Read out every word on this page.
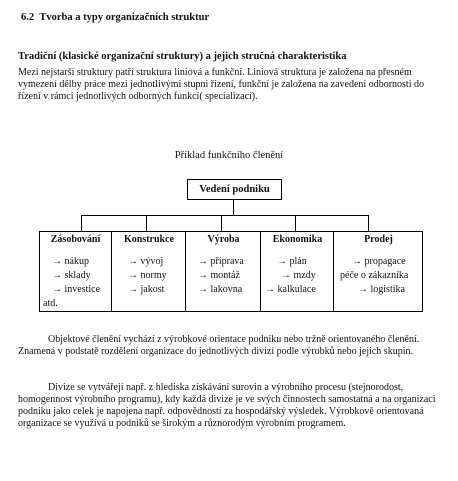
6.2 Tvorba a typy organizačních struktur
Tradiční (klasické organizační struktury) a jejich stručná charakteristika
Mezi nejstarší struktury patří struktura liniová a funkční. Liniová struktura je založena na přesném vymezení dělby práce mezi jednotlivými stupni řízení, funkční je založena na zavedení odbornosti do řízení v rámci jednotlivých odborných funkcí( specializací).
Příklad funkčního členění
Vedení podniku
Zásobování
→ nákup
→ sklady
→ investice
atd.
Konstrukce
→ vývoj
→ normy
→ jakost
Výroba
→ příprava
→ montáž
→ lakovna
Ekonomika
→ plán
→ mzdy
→ kalkulace
Prodej
→ propagace
péče o zákazníka
→ logistika
Objektové členění vychází z výrobkové orientace podniku nebo tržně orientovaného členění. Znamená v podstatě rozdělení organizace do jednotlivých divizí podle výrobků nebo jejich skupin.
Divize se vytvářejí např. z hlediska získávání surovin a výrobního procesu (stejnorodost, homogennost výrobního programu), kdy každá divize je ve svých činnostech samostatná a na organizaci podniku jako celek je napojena např. odpovědností za hospodářský výsledek. Výrobkově orientovaná organizace se využívá u podniků se širokým a různorodým výrobním programem.
